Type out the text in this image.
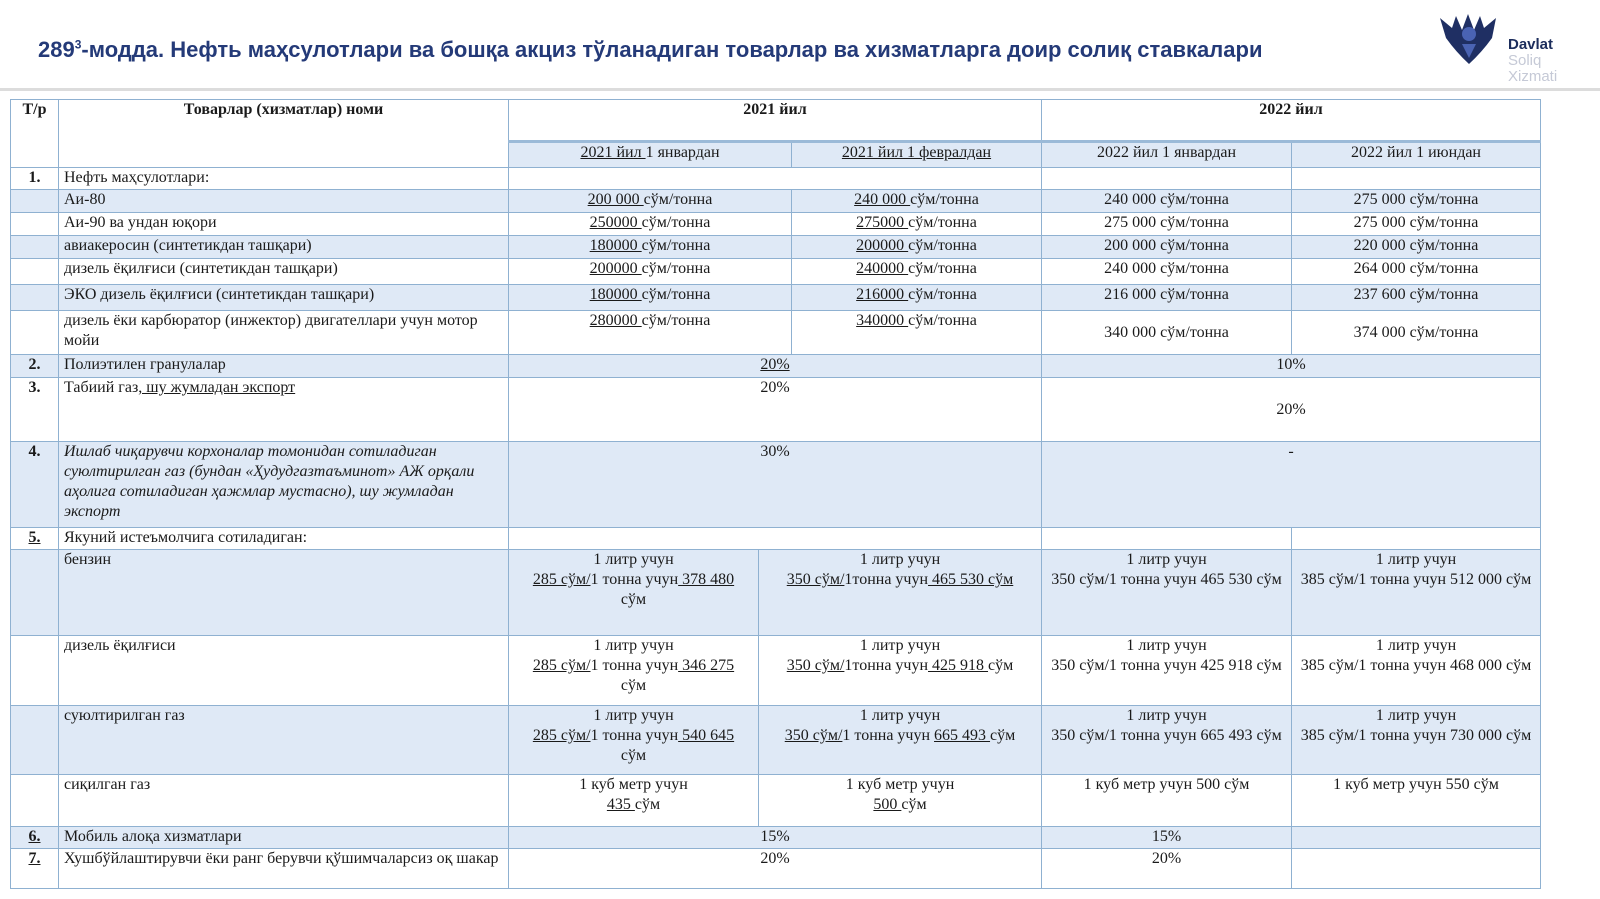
$289^3$-модда. Нефть маҳсулотлари ва бошқа акциз тўланадиган товарлар ва хизматларга доир солиқ ставкалари	Davlat
Soliq
Xizmati
Т/р	Товарлар (хизматлар) номи	2021 йил			2022 йил	
		2021 йил 1 январдан		2021 йил 1 февралдан	2022 йил 1 январдан	2022 йил 1 июндан
1.	Нефть маҳсулотлари:					
	Аи-80	200 000 сўм/тонна		240 000 сўм/тонна	240 000 сўм/тонна	275 000 сўм/тонна
	Аи-90 ва ундан юқори	250000 сўм/тонна		275000 сўм/тонна	275 000 сўм/тонна	275 000 сўм/тонна
	авиакеросин (синтетикдан ташқари)	180000 сўм/тонна		200000 сўм/тонна	200 000 сўм/тонна	220 000 сўм/тонна
	дизель ёқилғиси (синтетикдан ташқари)	200000 сўм/тонна		240000 сўм/тонна	240 000 сўм/тонна	264 000 сўм/тонна
	ЭКО дизель ёқилғиси (синтетикдан ташқари)	180000 сўм/тонна		216000 сўм/тонна	216 000 сўм/тонна	237 600 сўм/тонна
	дизель ёки карбюратор (инжектор) двигателлари учун мотор мойи	280000 сўм/тонна		340000 сўм/тонна	340 000 сўм/тонна	374 000 сўм/тонна
2.	Полиэтилен гранулалар	20%			10%	
3.	Табиий газ, шу жумладан экспорт	20%			20%	
4.	Ишлаб чиқарувчи корхоналар томонидан сотиладиган суюлтирилган газ (бундан «Ҳудудгазтаъминот» АЖ орқали аҳолига сотиладиган ҳажмлар мустасно), шу жумладан экспорт	30%			-	
5.	Якуний истеъмолчига сотиладиган:					
	бензин	1 литр учун
285 сўм/1 тонна учун 378 480
сўм	1 литр учун
350 сўм/1тонна учун 465 530 сўм		1 литр учун
350 сўм/1 тонна учун 465 530 сўм	1 литр учун
385 сўм/1 тонна учун 512 000 сўм
	дизель ёқилғиси	1 литр учун
285 сўм/1 тонна учун 346 275
сўм	1 литр учун
350 сўм/1тонна учун 425 918 сўм		1 литр учун
350 сўм/1 тонна учун 425 918 сўм	1 литр учун
385 сўм/1 тонна учун 468 000 сўм
	суюлтирилган газ	1 литр учун
285 сўм/1 тонна учун 540 645
сўм	1 литр учун
350 сўм/1 тонна учун 665 493 сўм		1 литр учун
350 сўм/1 тонна учун 665 493 сўм	1 литр учун
385 сўм/1 тонна учун 730 000 сўм
	сиқилган газ	1 куб метр учун
435 сўм	1 куб метр учун
500 сўм		1 куб метр учун 500 сўм	1 куб метр учун 550 сўм
6.	Мобиль алоқа хизматлари	15%			15%	
7.	Хушбўйлаштирувчи ёки ранг берувчи қўшимчаларсиз оқ шакар	20%			20%	
